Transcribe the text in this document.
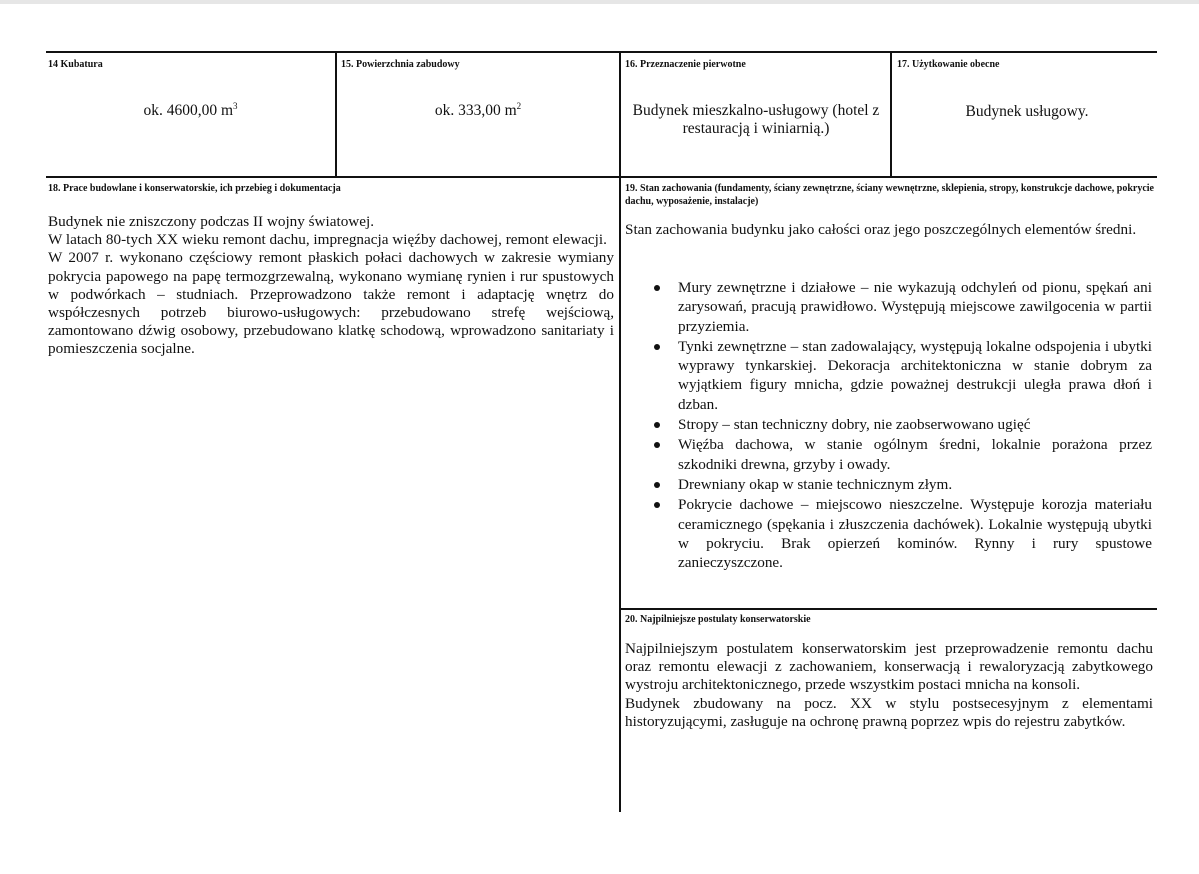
14 Kubatura
ok. 4600,00 $m^3$
15. Powierzchnia zabudowy
ok. 333,00 $m^2$
16. Przeznaczenie pierwotne
Budynek mieszkalno-usługowy (hotel z restauracją i winiarnią.)
17. Użytkowanie obecne
Budynek usługowy.
18. Prace budowlane i konserwatorskie, ich przebieg i dokumentacja

Budynek nie zniszczony podczas II wojny światowej.

W latach 80-tych XX wieku remont dachu, impregnacja więźby dachowej, remont elewacji.

W 2007 r. wykonano częściowy remont płaskich połaci dachowych w zakresie wymiany pokrycia papowego na papę termozgrzewalną, wykonano wymianę rynien i rur spustowych w podwórkach – studniach. Przeprowadzono także remont i adaptację wnętrz do współczesnych potrzeb biurowo-usługowych: przebudowano strefę wejściową, zamontowano dźwig osobowy, przebudowano klatkę schodową, wprowadzono sanitariaty i pomieszczenia socjalne.

19. Stan zachowania (fundamenty, ściany zewnętrzne, ściany wewnętrzne, sklepienia, stropy, konstrukcje dachowe, pokrycie dachu, wyposażenie, instalacje)
Stan zachowania budynku jako całości oraz jego poszczególnych elementów średni.
Mury zewnętrzne i działowe – nie wykazują odchyleń od pionu, spękań ani zarysowań, pracują prawidłowo. Występują miejscowe zawilgocenia w partii przyziemia.
Tynki zewnętrzne – stan zadowalający, występują lokalne odspojenia i ubytki wyprawy tynkarskiej. Dekoracja architektoniczna w stanie dobrym za wyjątkiem figury mnicha, gdzie poważnej destrukcji uległa prawa dłoń i dzban.
Stropy – stan techniczny dobry, nie zaobserwowano ugięć
Więźba dachowa, w stanie ogólnym średni, lokalnie porażona przez szkodniki drewna, grzyby i owady.
Drewniany okap w stanie technicznym złym.
Pokrycie dachowe – miejscowo nieszczelne. Występuje korozja materiału ceramicznego (spękania i złuszczenia dachówek). Lokalnie występują ubytki w pokryciu. Brak opierzeń kominów. Rynny i rury spustowe zanieczyszczone.
20. Najpilniejsze postulaty konserwatorskie

Najpilniejszym postulatem konserwatorskim jest przeprowadzenie remontu dachu oraz remontu elewacji z zachowaniem, konserwacją i rewaloryzacją zabytkowego wystroju architektonicznego, przede wszystkim postaci mnicha na konsoli.

Budynek zbudowany na pocz. XX w stylu postsecesyjnym z elementami historyzującymi, zasługuje na ochronę prawną poprzez wpis do rejestru zabytków.
